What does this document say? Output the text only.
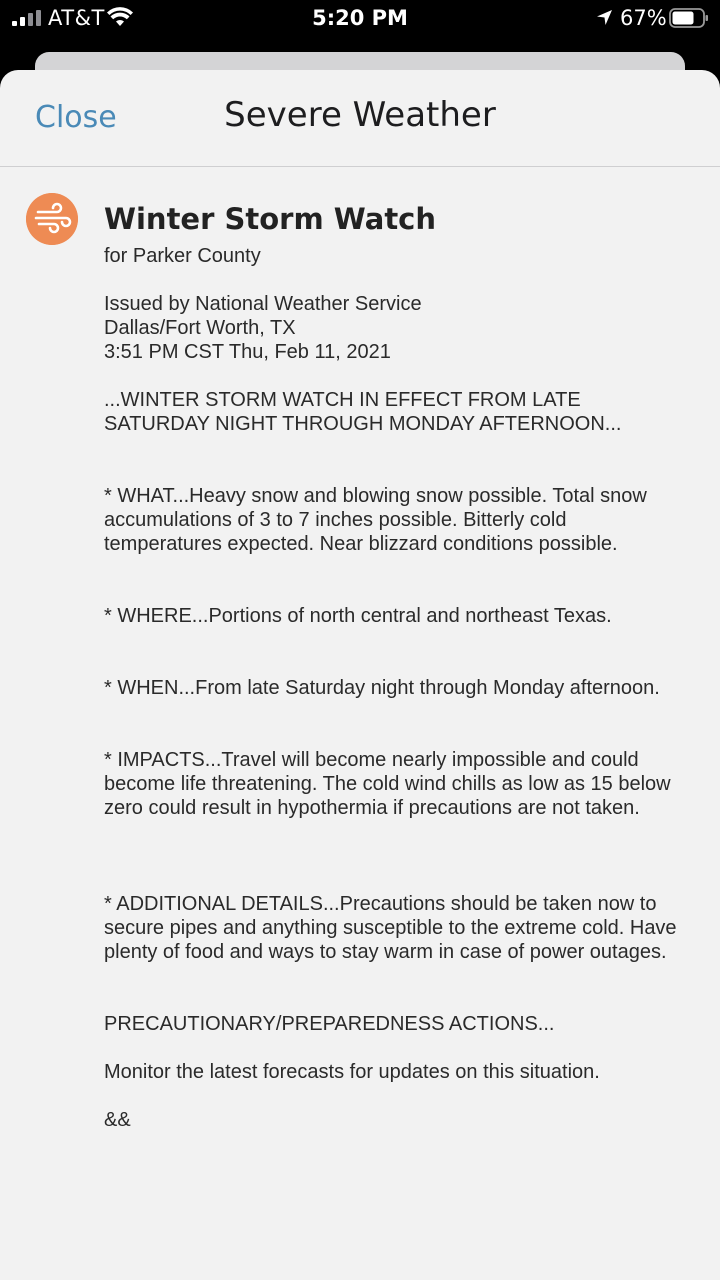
AT&T	5:20 PM	67%
Close	Severe Weather
Winter Storm Watch

for Parker County

Issued by National Weather Service

Dallas/Fort Worth, TX

3:51 PM CST Thu, Feb 11, 2021

...WINTER STORM WATCH IN EFFECT FROM LATE SATURDAY NIGHT THROUGH MONDAY AFTERNOON...

* WHAT...Heavy snow and blowing snow possible. Total snow accumulations of 3 to 7 inches possible. Bitterly cold temperatures expected. Near blizzard conditions possible.

* WHERE...Portions of north central and northeast Texas.

* WHEN...From late Saturday night through Monday afternoon.

* IMPACTS...Travel will become nearly impossible and could become life threatening. The cold wind chills as low as 15 below zero could result in hypothermia if precautions are not taken.

* ADDITIONAL DETAILS...Precautions should be taken now to secure pipes and anything susceptible to the extreme cold. Have plenty of food and ways to stay warm in case of power outages.

PRECAUTIONARY/PREPAREDNESS ACTIONS...

Monitor the latest forecasts for updates on this situation.

&&
